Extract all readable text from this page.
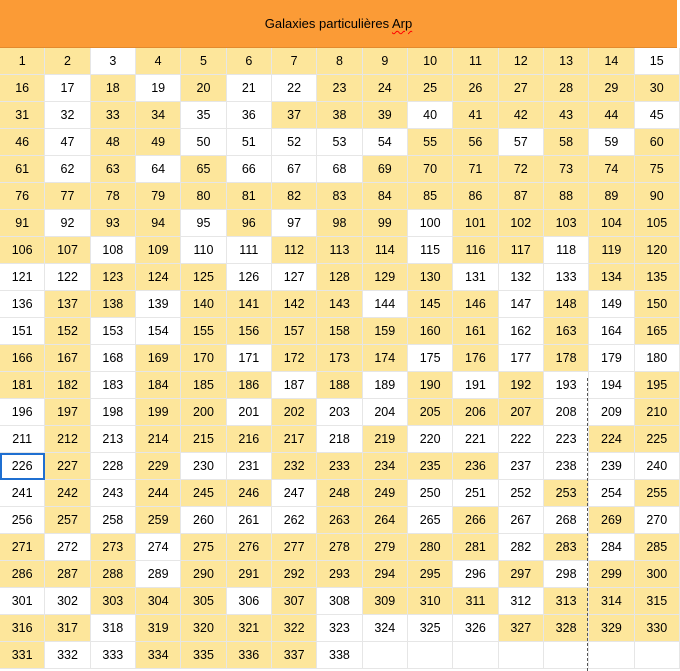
Galaxies particulières Arp
1	2	3	4	5	6	7	8	9	10	11	12	13	14	15
16	17	18	19	20	21	22	23	24	25	26	27	28	29	30
31	32	33	34	35	36	37	38	39	40	41	42	43	44	45
46	47	48	49	50	51	52	53	54	55	56	57	58	59	60
61	62	63	64	65	66	67	68	69	70	71	72	73	74	75
76	77	78	79	80	81	82	83	84	85	86	87	88	89	90
91	92	93	94	95	96	97	98	99	100	101	102	103	104	105
106	107	108	109	110	111	112	113	114	115	116	117	118	119	120
121	122	123	124	125	126	127	128	129	130	131	132	133	134	135
136	137	138	139	140	141	142	143	144	145	146	147	148	149	150
151	152	153	154	155	156	157	158	159	160	161	162	163	164	165
166	167	168	169	170	171	172	173	174	175	176	177	178	179	180
181	182	183	184	185	186	187	188	189	190	191	192	193	194	195
196	197	198	199	200	201	202	203	204	205	206	207	208	209	210
211	212	213	214	215	216	217	218	219	220	221	222	223	224	225
226	227	228	229	230	231	232	233	234	235	236	237	238	239	240
241	242	243	244	245	246	247	248	249	250	251	252	253	254	255
256	257	258	259	260	261	262	263	264	265	266	267	268	269	270
271	272	273	274	275	276	277	278	279	280	281	282	283	284	285
286	287	288	289	290	291	292	293	294	295	296	297	298	299	300
301	302	303	304	305	306	307	308	309	310	311	312	313	314	315
316	317	318	319	320	321	322	323	324	325	326	327	328	329	330
331	332	333	334	335	336	337	338
